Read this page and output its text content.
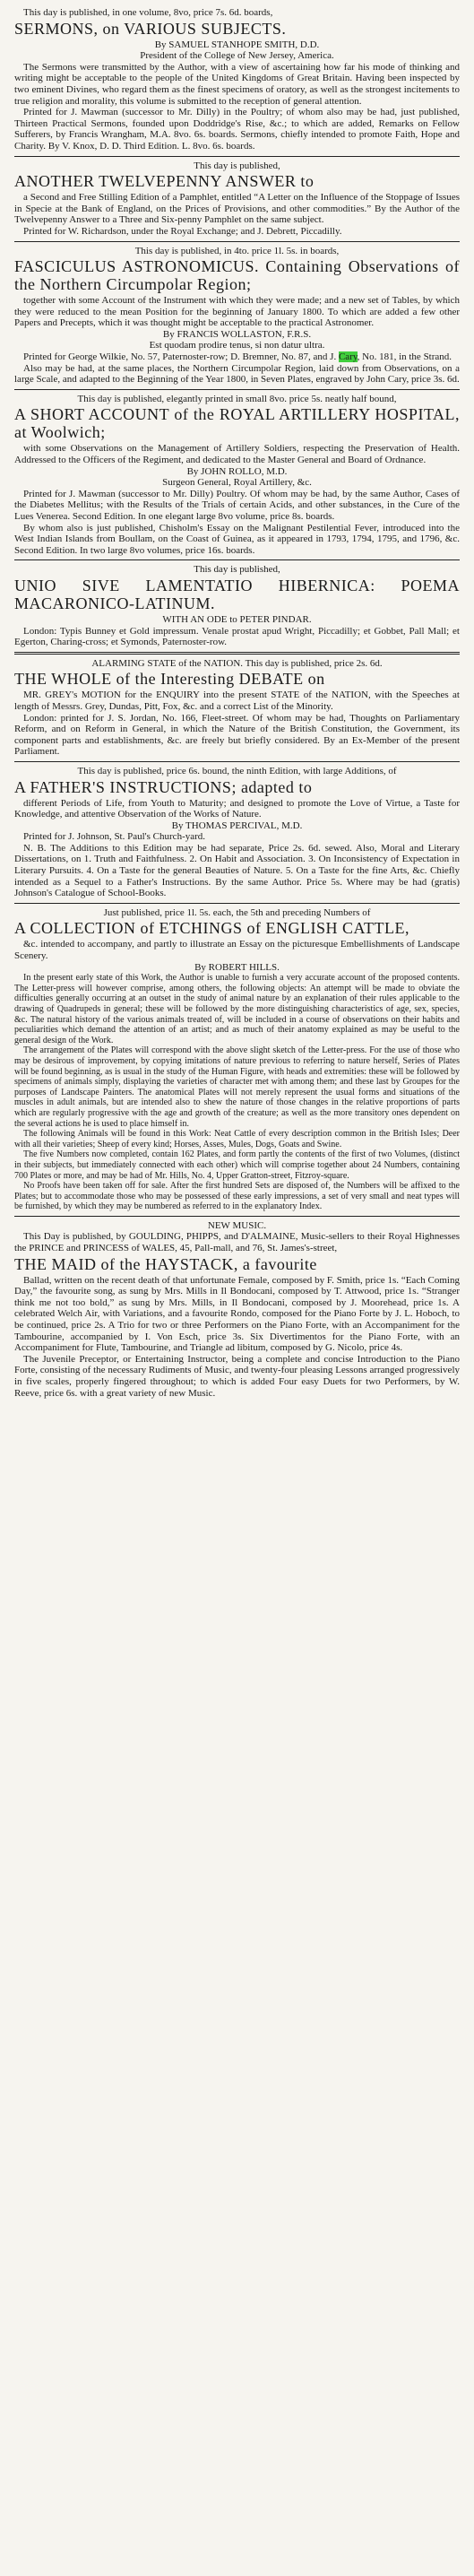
This day is published, in one volume, 8vo, price 7s. 6d. boards,

SERMONS, on VARIOUS SUBJECTS.

By SAMUEL STANHOPE SMITH, D.D.

President of the College of New Jersey, America.

The Sermons were transmitted by the Author, with a view of ascertaining how far his mode of thinking and writing might be acceptable to the people of the United Kingdoms of Great Britain. Having been inspected by two eminent Divines, who regard them as the finest specimens of oratory, as well as the strongest incitements to true religion and morality, this volume is submitted to the reception of general attention.

Printed for J. Mawman (successor to Mr. Dilly) in the Poultry; of whom also may be had, just published, Thirteen Practical Sermons, founded upon Doddridge's Rise, &c.; to which are added, Remarks on Fellow Sufferers, by Francis Wrangham, M.A. 8vo. 6s. boards. Sermons, chiefly intended to promote Faith, Hope and Charity. By V. Knox, D. D. Third Edition. L. 8vo. 6s. boards.

This day is published,

ANOTHER TWELVEPENNY ANSWER to

a Second and Free Stilling Edition of a Pamphlet, entitled “A Letter on the Influence of the Stoppage of Issues in Specie at the Bank of England, on the Prices of Provisions, and other commodities.” By the Author of the Twelvepenny Answer to a Three and Six-penny Pamphlet on the same subject.

Printed for W. Richardson, under the Royal Exchange; and J. Debrett, Piccadilly.

This day is published, in 4to. price 1l. 5s. in boards,

FASCICULUS ASTRONOMICUS. Containing Observations of the Northern Circumpolar Region;

together with some Account of the Instrument with which they were made; and a new set of Tables, by which they were reduced to the mean Position for the beginning of January 1800. To which are added a few other Papers and Precepts, which it was thought might be acceptable to the practical Astronomer.

By FRANCIS WOLLASTON, F.R.S.

Est quodam prodire tenus, si non datur ultra.

Printed for George Wilkie, No. 57, Paternoster-row; D. Bremner, No. 87, and J. Cary, No. 181, in the Strand.

Also may be had, at the same places, the Northern Circumpolar Region, laid down from Observations, on a large Scale, and adapted to the Beginning of the Year 1800, in Seven Plates, engraved by John Cary, price 3s. 6d.

This day is published, elegantly printed in small 8vo. price 5s. neatly half bound,

A SHORT ACCOUNT of the ROYAL ARTILLERY HOSPITAL, at Woolwich;

with some Observations on the Management of Artillery Soldiers, respecting the Preservation of Health. Addressed to the Officers of the Regiment, and dedicated to the Master General and Board of Ordnance.

By JOHN ROLLO, M.D.

Surgeon General, Royal Artillery, &c.

Printed for J. Mawman (successor to Mr. Dilly) Poultry. Of whom may be had, by the same Author, Cases of the Diabetes Mellitus; with the Results of the Trials of certain Acids, and other substances, in the Cure of the Lues Venerea. Second Edition. In one elegant large 8vo volume, price 8s. boards.

By whom also is just published, Chisholm's Essay on the Malignant Pestilential Fever, introduced into the West Indian Islands from Boullam, on the Coast of Guinea, as it appeared in 1793, 1794, 1795, and 1796, &c. Second Edition. In two large 8vo volumes, price 16s. boards.

This day is published,

UNIO SIVE LAMENTATIO HIBERNICA: POEMA MACARONICO-LATINUM.

WITH AN ODE to PETER PINDAR.

London: Typis Bunney et Gold impressum. Venale prostat apud Wright, Piccadilly; et Gobbet, Pall Mall; et Egerton, Charing-cross; et Symonds, Paternoster-row.

ALARMING STATE of the NATION. This day is published, price 2s. 6d.

THE WHOLE of the Interesting DEBATE on

MR. GREY's MOTION for the ENQUIRY into the present STATE of the NATION, with the Speeches at length of Messrs. Grey, Dundas, Pitt, Fox, &c. and a correct List of the Minority.

London: printed for J. S. Jordan, No. 166, Fleet-street. Of whom may be had, Thoughts on Parliamentary Reform, and on Reform in General, in which the Nature of the British Constitution, the Government, its component parts and establishments, &c. are freely but briefly considered. By an Ex-Member of the present Parliament.

This day is published, price 6s. bound, the ninth Edition, with large Additions, of

A FATHER'S INSTRUCTIONS; adapted to

different Periods of Life, from Youth to Maturity; and designed to promote the Love of Virtue, a Taste for Knowledge, and attentive Observation of the Works of Nature.

By THOMAS PERCIVAL, M.D.

Printed for J. Johnson, St. Paul's Church-yard.

N. B. The Additions to this Edition may be had separate, Price 2s. 6d. sewed. Also, Moral and Literary Dissertations, on 1. Truth and Faithfulness. 2. On Habit and Association. 3. On Inconsistency of Expectation in Literary Pursuits. 4. On a Taste for the general Beauties of Nature. 5. On a Taste for the fine Arts, &c. Chiefly intended as a Sequel to a Father's Instructions. By the same Author. Price 5s. Where may be had (gratis) Johnson's Catalogue of School-Books.

Just published, price 1l. 5s. each, the 5th and preceding Numbers of

A COLLECTION of ETCHINGS of ENGLISH CATTLE,

&c. intended to accompany, and partly to illustrate an Essay on the picturesque Embellishments of Landscape Scenery.

By ROBERT HILLS.

In the present early state of this Work, the Author is unable to furnish a very accurate account of the proposed contents. The Letter-press will however comprise, among others, the following objects: An attempt will be made to obviate the difficulties generally occurring at an outset in the study of animal nature by an explanation of their rules applicable to the drawing of Quadrupeds in general; these will be followed by the more distinguishing characteristics of age, sex, species, &c. The natural history of the various animals treated of, will be included in a course of observations on their habits and peculiarities which demand the attention of an artist; and as much of their anatomy explained as may be useful to the general design of the Work.

The arrangement of the Plates will correspond with the above slight sketch of the Letter-press. For the use of those who may be desirous of improvement, by copying imitations of nature previous to referring to nature herself, Series of Plates will be found beginning, as is usual in the study of the Human Figure, with heads and extremities: these will be followed by specimens of animals simply, displaying the varieties of character met with among them; and these last by Groupes for the purposes of Landscape Painters. The anatomical Plates will not merely represent the usual forms and situations of the muscles in adult animals, but are intended also to shew the nature of those changes in the relative proportions of parts which are regularly progressive with the age and growth of the creature; as well as the more transitory ones dependent on the several actions he is used to place himself in.

The following Animals will be found in this Work: Neat Cattle of every description common in the British Isles; Deer with all their varieties; Sheep of every kind; Horses, Asses, Mules, Dogs, Goats and Swine.

The five Numbers now completed, contain 162 Plates, and form partly the contents of the first of two Volumes, (distinct in their subjects, but immediately connected with each other) which will comprise together about 24 Numbers, containing 700 Plates or more, and may be had of Mr. Hills, No. 4, Upper Gratton-street, Fitzroy-square.

No Proofs have been taken off for sale. After the first hundred Sets are disposed of, the Numbers will be affixed to the Plates; but to accommodate those who may be possessed of these early impressions, a set of very small and neat types will be furnished, by which they may be numbered as referred to in the explanatory Index.

NEW MUSIC.

This Day is published, by GOULDING, PHIPPS, and D'ALMAINE, Music-sellers to their Royal Highnesses the PRINCE and PRINCESS of WALES, 45, Pall-mall, and 76, St. James's-street,

THE MAID of the HAYSTACK, a favourite

Ballad, written on the recent death of that unfortunate Female, composed by F. Smith, price 1s. “Each Coming Day,” the favourite song, as sung by Mrs. Mills in Il Bondocani, composed by T. Attwood, price 1s. “Stranger think me not too bold,” as sung by Mrs. Mills, in Il Bondocani, composed by J. Moorehead, price 1s. A celebrated Welch Air, with Variations, and a favourite Rondo, composed for the Piano Forte by J. L. Hoboch, to be continued, price 2s. A Trio for two or three Performers on the Piano Forte, with an Accompaniment for the Tambourine, accompanied by I. Von Esch, price 3s. Six Divertimentos for the Piano Forte, with an Accompaniment for Flute, Tambourine, and Triangle ad libitum, composed by G. Nicolo, price 4s.

The Juvenile Preceptor, or Entertaining Instructor, being a complete and concise Introduction to the Piano Forte, consisting of the necessary Rudiments of Music, and twenty-four pleasing Lessons arranged progressively in five scales, properly fingered throughout; to which is added Four easy Duets for two Performers, by W. Reeve, price 6s. with a great variety of new Music.
